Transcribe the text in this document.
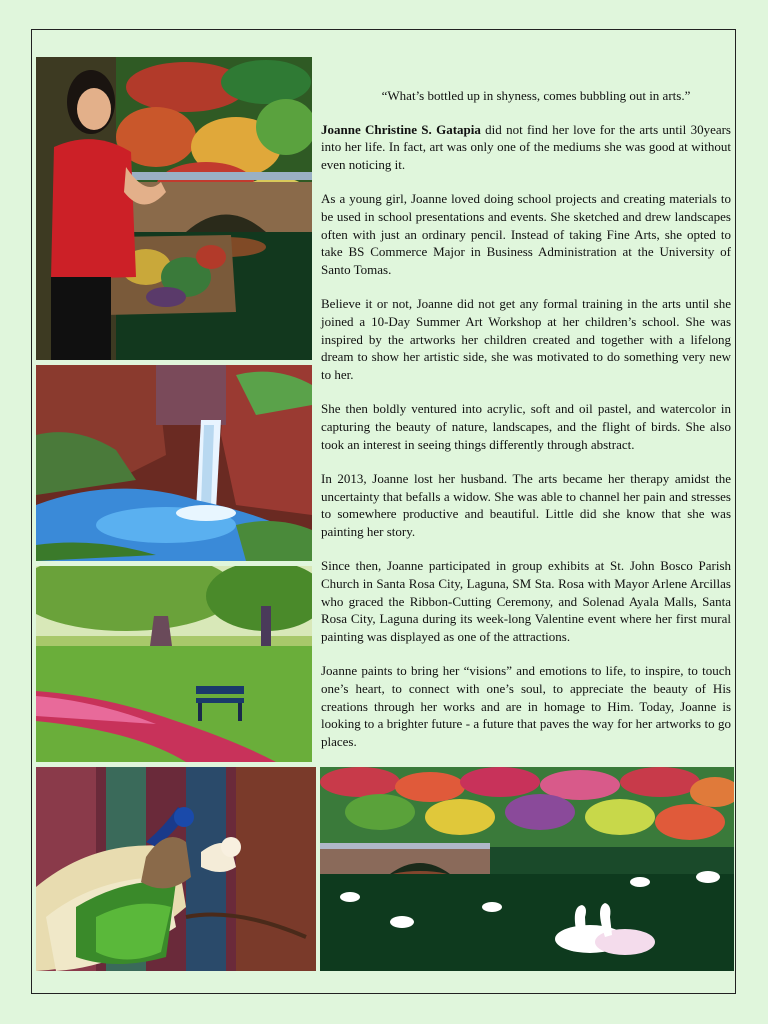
“What’s bottled up in shyness, comes bubbling out in arts.”

Joanne Christine S. Gatapia did not find her love for the arts until 30years into her life. In fact, art was only one of the mediums she was good at without even noticing it.

As a young girl, Joanne loved doing school projects and creating materials to be used in school presentations and events. She sketched and drew landscapes often with just an ordinary pencil. Instead of taking Fine Arts, she opted to take BS Commerce Major in Business Administration at the University of Santo Tomas.

Believe it or not, Joanne did not get any formal training in the arts until she joined a 10-Day Summer Art Workshop at her children’s school. She was inspired by the artworks her children created and together with a lifelong dream to show her artistic side, she was motivated to do something very new to her.

She then boldly ventured into acrylic, soft and oil pastel, and watercolor in capturing the beauty of nature, landscapes, and the flight of birds. She also took an interest in seeing things differently through abstract.

In 2013, Joanne lost her husband. The arts became her therapy amidst the uncertainty that befalls a widow. She was able to channel her pain and stresses to somewhere productive and beautiful. Little did she know that she was painting her story.

Since then, Joanne participated in group exhibits at St. John Bosco Parish Church in Santa Rosa City, Laguna, SM Sta. Rosa with Mayor Arlene Arcillas who graced the Ribbon-Cutting Ceremony, and Solenad Ayala Malls, Santa Rosa City, Laguna during its week-long Valentine event where her first mural painting was displayed as one of the attractions.

Joanne paints to bring her “visions” and emotions to life, to inspire, to touch one’s heart, to connect with one’s soul, to appreciate the beauty of His creations through her works and are in homage to Him. Today, Joanne is looking to a brighter future - a future that paves the way for her artworks to go places.
